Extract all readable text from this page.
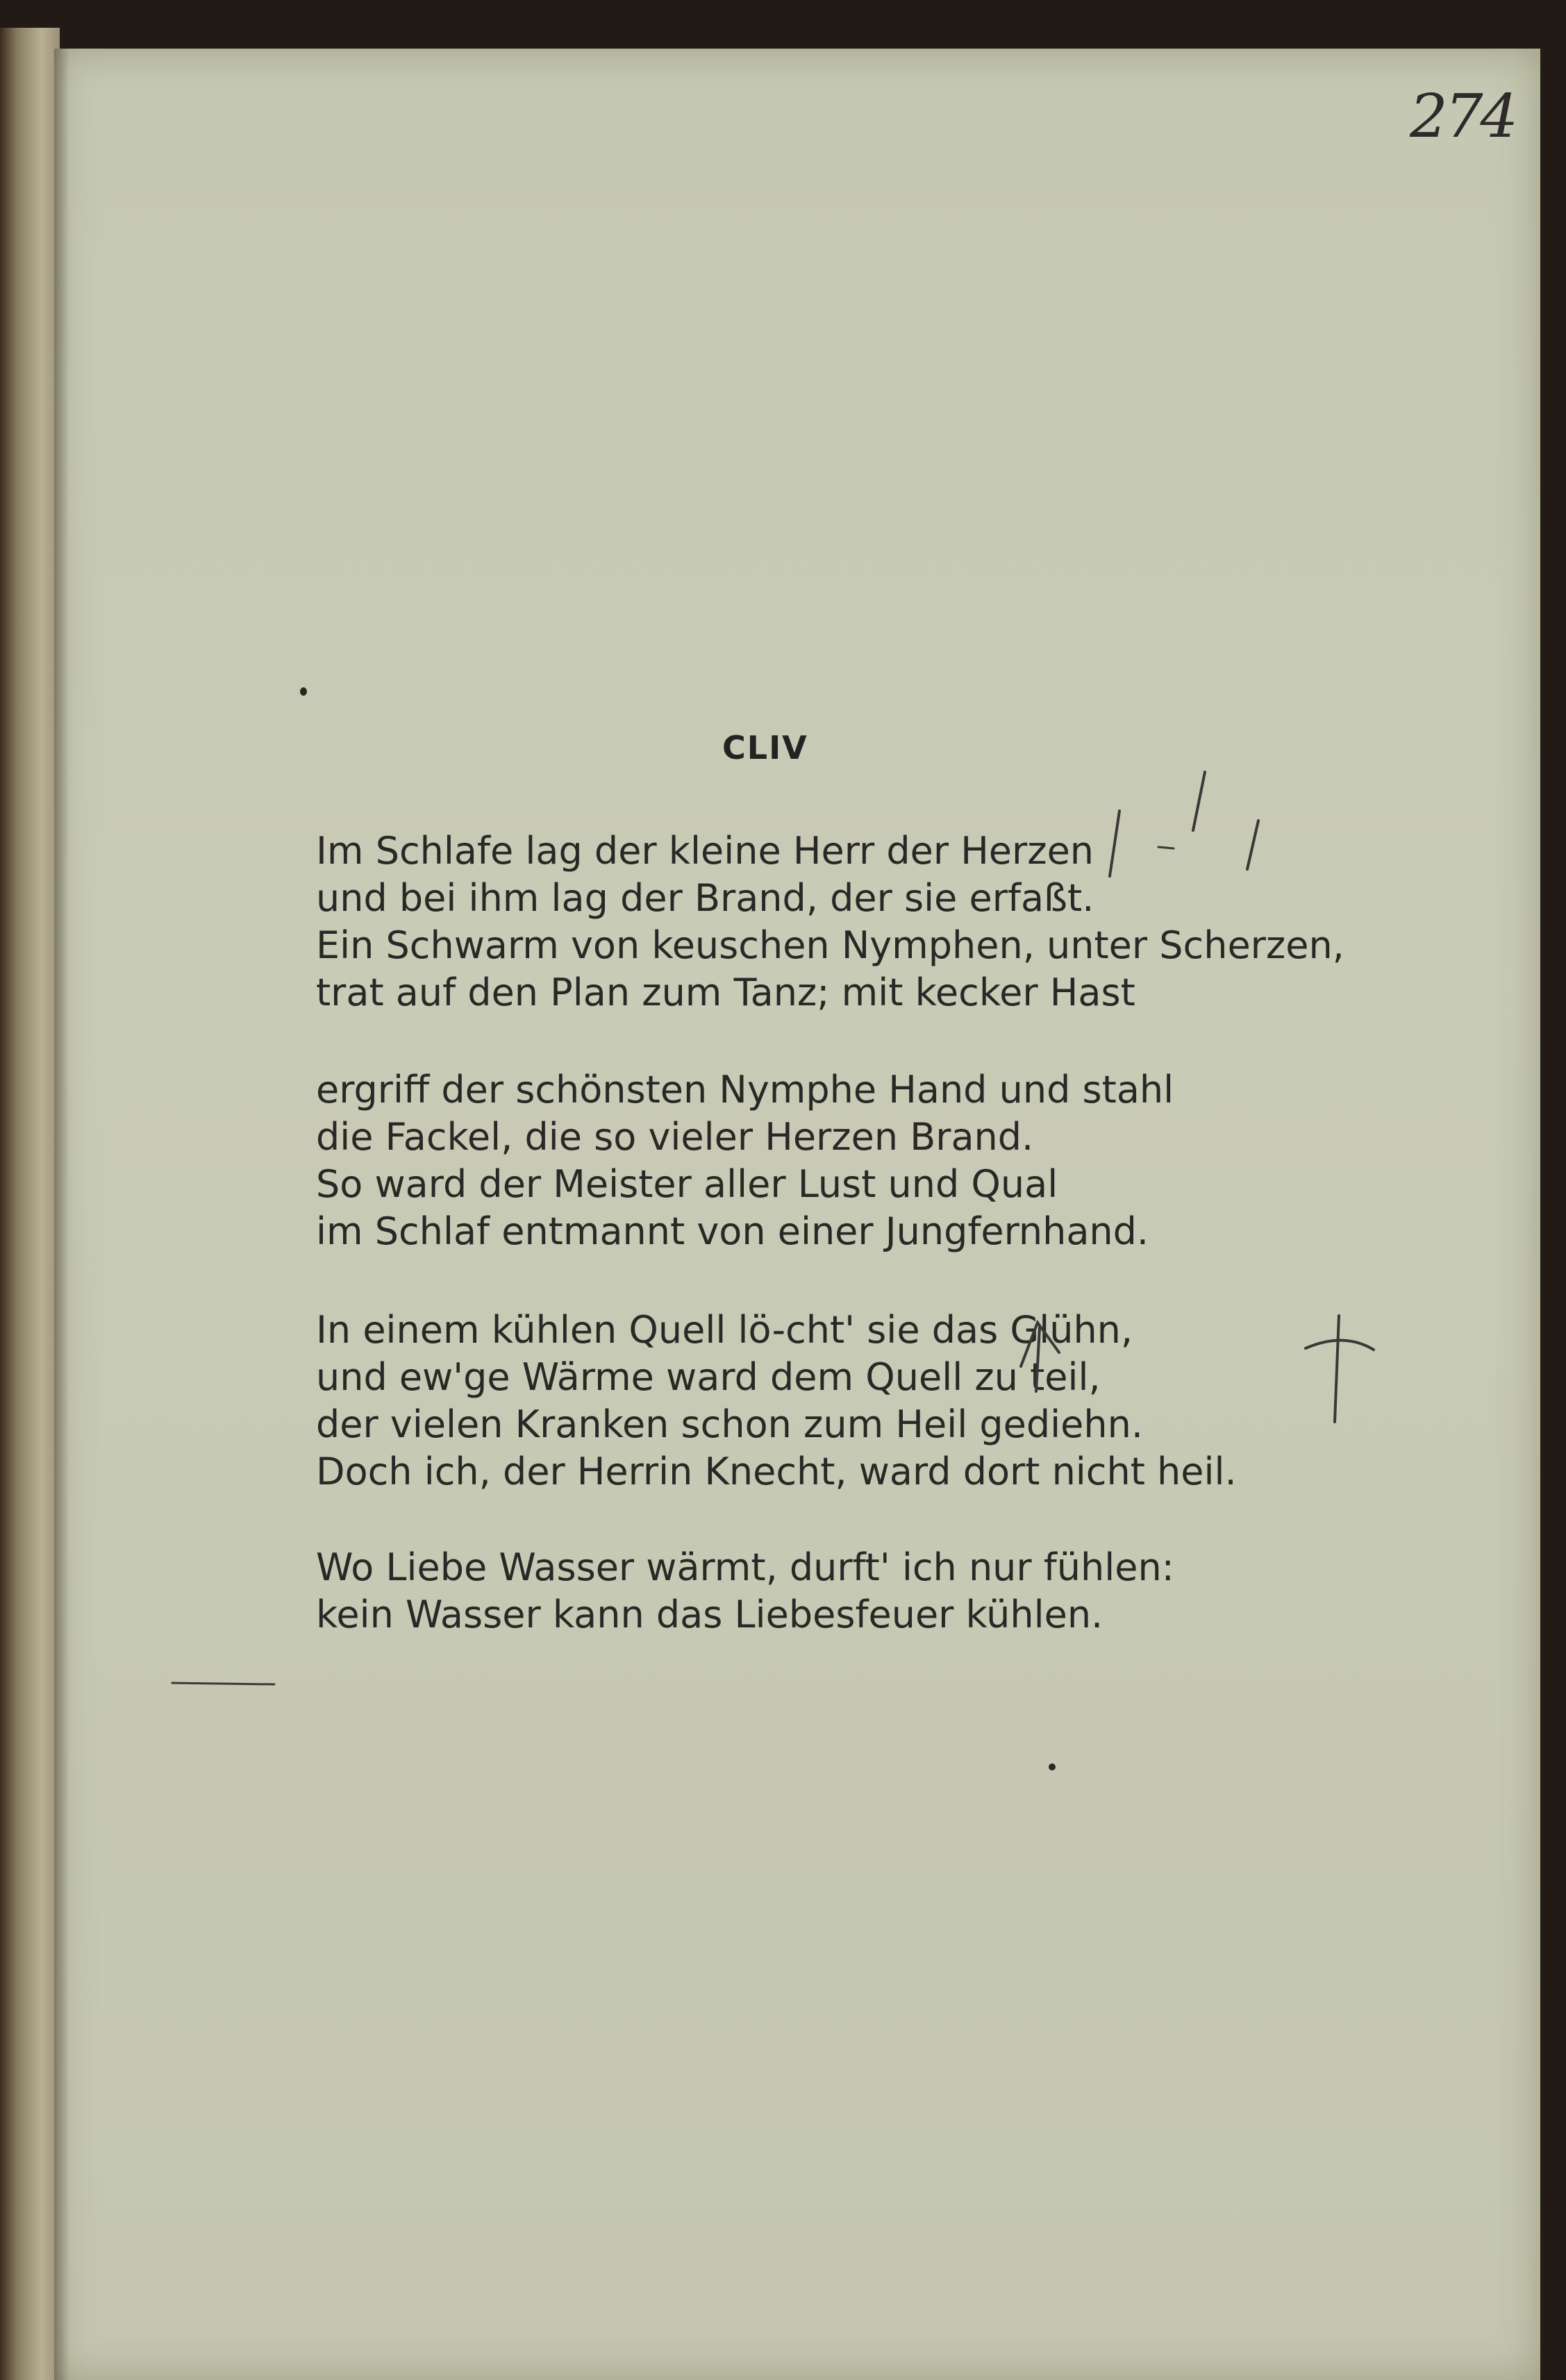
274
CLIV
Im Schlafe lag der kleine Herr der Herzen
und bei ihm lag der Brand, der sie erfaßt.
Ein Schwarm von keuschen Nymphen, unter Scherzen,
trat auf den Plan zum Tanz; mit kecker Hast
ergriff der schönsten Nymphe Hand und stahl
die Fackel, die so vieler Herzen Brand.
So ward der Meister aller Lust und Qual
im Schlaf entmannt von einer Jungfernhand.
In einem kühlen Quell lö-cht' sie das Glühn,
und ew'ge Wärme ward dem Quell zu teil,
der vielen Kranken schon zum Heil gediehn.
Doch ich, der Herrin Knecht, ward dort nicht heil.
Wo Liebe Wasser wärmt, durft' ich nur fühlen:
kein Wasser kann das Liebesfeuer kühlen.
